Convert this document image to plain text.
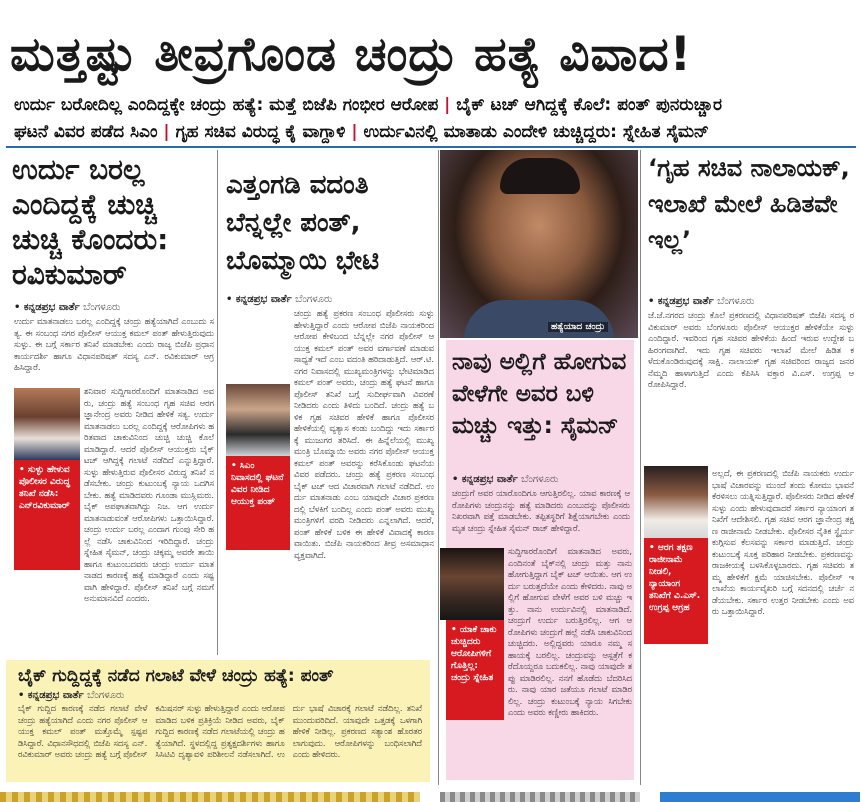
ಮತ್ತಷ್ಟು ತೀವ್ರಗೊಂಡ ಚಂದ್ರು ಹತ್ಯೆ ವಿವಾದ!
ಉರ್ದು ಬರೋದಿಲ್ಲ ಎಂದಿದ್ದಕ್ಕೇ ಚಂದ್ರು ಹತ್ಯೆ: ಮತ್ತೆ ಬಿಜೆಪಿ ಗಂಭೀರ ಆರೋಪ | ಬೈಕ್ ಟಚ್ ಆಗಿದ್ದಕ್ಕೆ ಕೊಲೆ: ಪಂತ್ ಪುನರುಚ್ಚಾರ
ಘಟನೆ ವಿವರ ಪಡೆದ ಸಿಎಂ | ಗೃಹ ಸಚಿವ ವಿರುದ್ಧ ಕೈ ವಾಗ್ದಾಳಿ | ಉರ್ದುವಿನಲ್ಲಿ ಮಾತಾಡು ಎಂದೇಳಿ ಚುಚ್ಚಿದ್ದರು: ಸ್ನೇಹಿತ ಸೈಮನ್
ಉರ್ದು ಬರಲ್ಲ ಎಂದಿದ್ದಕ್ಕೆ ಚುಚ್ಚಿ ಚುಚ್ಚಿ ಕೊಂದರು: ರವಿಕುಮಾರ್
• ಕನ್ನಡಪ್ರಭ ವಾರ್ತೆ ಬೆಂಗಳೂರು
ಉರ್ದು ಮಾತನಾಡಲು ಬರಲ್ಲ ಎಂದಿದ್ದಕ್ಕೆ ಚಂದ್ರು ಹತ್ಯೆಯಾಗಿದೆ ಎಂಬುದು ಸತ್ಯ. ಈ ಸಂಬಂಧ ನಗರ ಪೊಲೀಸ್ ಆಯುಕ್ತ ಕಮಲ್ ಪಂತ್ ಹೇಳುತ್ತಿರುವುದು ಸುಳ್ಳು. ಈ ಬಗ್ಗೆ ಸರ್ಕಾರ ತನಿಖೆ ಮಾಡಬೇಕು ಎಂದು ರಾಜ್ಯ ಬಿಜೆಪಿ ಪ್ರಧಾನ ಕಾರ್ಯದರ್ಶಿ ಹಾಗೂ ವಿಧಾನಪರಿಷತ್ ಸದಸ್ಯ ಎನ್. ರವಿಕುಮಾರ್ ಆಗ್ರಹಿಸಿದ್ದಾರೆ.
• ಸುಳ್ಳು ಹೇಳುವ ಪೊಲೀಸರ ವಿರುದ್ಧ ತನಿಖೆ ನಡೆಸಿ: ಎನ್‌ರವಿಕುಮಾರ್
ಶನಿವಾರ ಸುದ್ದಿಗಾರರೊಂದಿಗೆ ಮಾತನಾಡಿದ ಅವರು, ಚಂದ್ರು ಹತ್ಯೆ ಸಂಬಂಧ ಗೃಹ ಸಚಿವ ಆರಗ ಜ್ಞಾನೇಂದ್ರ ಅವರು ನೀಡಿದ ಹೇಳಿಕೆ ಸತ್ಯ. ಉರ್ದು ಮಾತನಾಡಲು ಬರಲ್ಲ ಎಂದಿದ್ದಕ್ಕೆ ಆರೋಪಿಗಳು ಹರಿತವಾದ ಚಾಕುವಿನಿಂದ ಚುಚ್ಚಿ ಚುಚ್ಚಿ ಕೊಲೆ ಮಾಡಿದ್ದಾರೆ. ಆದರೆ ಪೊಲೀಸ್ ಆಯುಕ್ತರು ಬೈಕ್ ಟಚ್ ಆಗಿದ್ದಕ್ಕೆ ಗಲಾಟೆ ನಡೆದಿದೆ ಎನ್ನುತ್ತಿದ್ದಾರೆ. ಸುಳ್ಳು ಹೇಳುತ್ತಿರುವ ಪೊಲೀಸರ ವಿರುದ್ಧ ತನಿಖೆ ನಡೆಸಬೇಕು. ಚಂದ್ರು ಕುಟುಂಬಕ್ಕೆ ನ್ಯಾಯ ಒದಗಿಸಬೇಕು. ಹತ್ಯೆ ಮಾಡಿದವರು ಗೂಂಡಾ ಮುಸ್ಲಿಮರು. ಬೈಕ್ ಅಪಘಾತವಾಗಿದ್ದು ನಿಜ. ಆಗ ಉರ್ದು ಮಾತನಾಡುವಂತೆ ಆರೋಪಿಗಳು ಒತ್ತಾಯಿಸಿದ್ದಾರೆ. ಚಂದ್ರು ಉರ್ದು ಬರಲ್ಲ ಎಂದಾಗ ಗುಂಪು ಸೇರಿ ಹಲ್ಲೆ ನಡೆಸಿ ಚಾಕುವಿನಿಂದ ಇರಿದಿದ್ದಾರೆ. ಚಂದ್ರು ಸ್ನೇಹಿತ ಸೈಮನ್, ಚಂದ್ರು ಚಿಕ್ಕಮ್ಮ ಅವರೇ ತಾಯಿ ಹಾಗೂ ಕುಟುಂಬದವರು ಚಂದ್ರು ಉರ್ದು ಮಾತನಾಡದ ಕಾರಣಕ್ಕೆ ಹತ್ಯೆ ಮಾಡಿದ್ದಾರೆ ಎಂದು ಸಷ್ಟವಾಗಿ ಹೇಳಿದ್ದಾರೆ. ಪೊಲೀಸ್ ತನಿಖೆ ಬಗ್ಗೆ ನಮಗೆ ಅನುಮಾನವಿದೆ ಎಂದರು.
ಎತ್ತಂಗಡಿ ವದಂತಿ ಬೆನ್ನಲ್ಲೇ ಪಂತ್, ಬೊಮ್ಮಾಯಿ ಭೇಟಿ
• ಕನ್ನಡಪ್ರಭ ವಾರ್ತೆ ಬೆಂಗಳೂರು
• ಸಿಎಂ ನಿವಾಸದಲ್ಲಿ ಘಟನೆ ವಿವರ ನೀಡಿದ ಆಯುಕ್ತ ಪಂತ್
ಚಂದ್ರು ಹತ್ಯೆ ಪ್ರಕರಣ ಸಂಬಂಧ ಪೊಲೀಸರು ಸುಳ್ಳು ಹೇಳುತ್ತಿದ್ದಾರೆ ಎಂದು ಆರೋಪ ಬಿಜೆಪಿ ನಾಯಕರಿಂದ ಆರೋಪ ಕೇಳಿಬಂದ ಬೆನ್ನಲ್ಲೇ ನಗರ ಪೊಲೀಸ್ ಆಯುಕ್ತ ಕಮಲ್ ಪಂತ್ ಅವರ ವರ್ಗಾವಣೆ ಮಾಡುವ ಸಾಧ್ಯತೆ ಇದೆ ಎಂಬ ವದಂತಿ ಹರಿದಾಡುತ್ತಿದೆ. ಆರ್.ಟಿ.ನಗರ ನಿವಾಸದಲ್ಲಿ ಮುಖ್ಯಮಂತ್ರಿಗಳನ್ನು ಭೇಟಿಮಾಡಿದ ಕಮಲ್ ಪಂತ್ ಅವರು, ಚಂದ್ರು ಹತ್ಯೆ ಘಟನೆ ಹಾಗೂ ಪೊಲೀಸ್ ತನಿಖೆ ಬಗ್ಗೆ ಸುದೀರ್ಘವಾಗಿ ವಿವರಣೆ ನೀಡಿದರು ಎಂದು ತಿಳಿದು ಬಂದಿದೆ. ಚಂದ್ರು ಹತ್ಯೆ ಬಳಿಕ ಗೃಹ ಸಚಿವರ ಹೇಳಿಕೆ ಹಾಗೂ ಪೊಲೀಸರ ಹೇಳಿಕೆಯಲ್ಲಿ ವ್ಯತ್ಯಾಸ ಕಂಡು ಬಂದಿದ್ದು ಇದು ಸರ್ಕಾರಕ್ಕೆ ಮುಜುಗರ ತರಿಸಿದೆ. ಈ ಹಿನ್ನೆಲೆಯಲ್ಲಿ ಮುಖ್ಯಮಂತ್ರಿ ಬೊಮ್ಮಾಯಿ ಅವರು ನಗರ ಪೊಲೀಸ್ ಆಯುಕ್ತ ಕಮಲ್ ಪಂತ್ ಅವರನ್ನು ಕರೆಸಿಕೊಂಡು ಘಟನೆಯ ವಿವರ ಪಡೆದರು. ಚಂದ್ರು ಹತ್ಯೆ ಪ್ರಕರಣ ಸಂಬಂಧ ಬೈಕ್ ಟಚ್ ಆದ ವಿಚಾರವಾಗಿ ಗಲಾಟೆ ನಡೆದಿದೆ. ಉರ್ದು ಮಾತನಾಡು ಎಂಬ ಯಾವುದೇ ವಿಚಾರ ಪ್ರಕರಣದಲ್ಲಿ ಬೆಳಕಿಗೆ ಬಂದಿಲ್ಲ ಎಂದು ಪಂತ್ ಅವರು ಮುಖ್ಯಮಂತ್ರಿಗಳಿಗೆ ವರದಿ ನೀಡಿದರು ಎನ್ನಲಾಗಿದೆ. ಆದರೆ, ಪಂತ್ ಹೇಳಿಕೆ ಬಳಿಕ ಈ ಹೇಳಿಕೆ ವಿವಾದಕ್ಕೆ ಕಾರಣವಾಯಿತು. ಬಿಜೆಪಿ ನಾಯಕರಿಂದ ತೀವ್ರ ಅಸಮಾಧಾನ ವ್ಯಕ್ತವಾಗಿದೆ.
ಹತ್ಯೆಯಾದ ಚಂದ್ರು
ನಾವು ಅಲ್ಲಿಗೆ ಹೋಗುವ ವೇಳೆಗೇ ಅವರ ಬಳಿ ಮಚ್ಚು ಇತ್ತು: ಸೈಮನ್
• ಕನ್ನಡಪ್ರಭ ವಾರ್ತೆ ಬೆಂಗಳೂರು
ಚಂದ್ರುಗೆ ಅವರ ಯಾರೊಂದಿಗೂ ಆಗುತ್ತಿರಲಿಲ್ಲ. ಯಾವ ಕಾರಣಕ್ಕೆ ಆರೋಪಿಗಳು ಚಂದ್ರುನನ್ನು ಹತ್ಯೆ ಮಾಡಿದರು ಎಂಬುದನ್ನು ಪೊಲೀಸರು ನಿಖರವಾಗಿ ಪತ್ತೆ ಮಾಡಬೇಕು. ತಪ್ಪಿತಸ್ಥರಿಗೆ ಶಿಕ್ಷೆಯಾಗಬೇಕು ಎಂದು ಮೃತ ಚಂದ್ರು ಸ್ನೇಹಿತ ಸೈಮನ್ ರಾಜ್ ಹೇಳಿದ್ದಾರೆ.
• ಯಾಕೆ ಚಾಕು ಚುಚ್ಚಿದರು ಆರೋಪಿಗಳಿಗೆ ಗೊತ್ತಿಲ್ಲ: ಚಂದ್ರು ಸ್ನೇಹಿತ
ಸುದ್ದಿಗಾರರೊಂದಿಗೆ ಮಾತನಾಡಿದ ಅವರು, ಎಂದಿನಂತೆ ಬೈಕ್‌ನಲ್ಲಿ ಚಂದ್ರು ಮತ್ತು ನಾನು ಹೋಗುತ್ತಿದ್ದಾಗ ಬೈಕ್ ಟಚ್ ಆಯಿತು. ಆಗ ಉರ್ದು ಬರುತ್ತದೆಯೇ ಎಂದು ಕೇಳಿದರು. ನಾವು ಅಲ್ಲಿಗೆ ಹೋಗುವ ವೇಳೆಗೆ ಅವರ ಬಳಿ ಮಚ್ಚು ಇತ್ತು. ನಾನು ಉರ್ದುವಿನಲ್ಲಿ ಮಾತನಾಡಿದೆ. ಚಂದ್ರುಗೆ ಉರ್ದು ಬರುತ್ತಿರಲಿಲ್ಲ. ಆಗ ಆರೋಪಿಗಳು ಚಂದ್ರುಗೆ ಹಲ್ಲೆ ನಡೆಸಿ ಚಾಕುವಿನಿಂದ ಚುಚ್ಚಿದರು. ಅಲ್ಲಿದ್ದವರು ಯಾರೂ ನಮ್ಮ ಸಹಾಯಕ್ಕೆ ಬರಲಿಲ್ಲ. ಚಂದ್ರುವನ್ನು ಆಸ್ಪತ್ರೆಗೆ ಕರೆದೊಯ್ದರೂ ಬದುಕಲಿಲ್ಲ. ನಾವು ಯಾವುದೇ ತಪ್ಪು ಮಾಡಿರಲಿಲ್ಲ. ನನಗೆ ಹೊಡೆದು ಬೆದರಿಸಿದರು. ನಾವು ಯಾರ ಜತೆಯೂ ಗಲಾಟೆ ಮಾಡಿರಲಿಲ್ಲ. ಚಂದ್ರು ಕುಟುಂಬಕ್ಕೆ ನ್ಯಾಯ ಸಿಗಬೇಕು ಎಂದು ಅವರು ಕಣ್ಣೀರು ಹಾಕಿದರು.
‘ಗೃಹ ಸಚಿವ ನಾಲಾಯಕ್, ಇಲಾಖೆ ಮೇಲೆ ಹಿಡಿತವೇ ಇಲ್ಲ’
• ಕನ್ನಡಪ್ರಭ ವಾರ್ತೆ ಬೆಂಗಳೂರು
ಜೆ.ಜೆ.ನಗರದ ಚಂದ್ರು ಕೊಲೆ ಪ್ರಕರಣದಲ್ಲಿ ವಿಧಾನಪರಿಷತ್ ಬಿಜೆಪಿ ಸದಸ್ಯ ರವಿಕುಮಾರ್ ಅವರು ಬೆಂಗಳೂರು ಪೊಲೀಸ್ ಆಯುಕ್ತರ ಹೇಳಿಕೆಯೇ ಸುಳ್ಳು ಎಂದಿದ್ದಾರೆ. ಇವರಿಂದ ಗೃಹ ಸಚಿವರ ಹೇಳಿಕೆಯ ಹಿಂದೆ ಇರುವ ಉದ್ದೇಶ ಬಹಿರಂಗವಾಗಿದೆ. ಇದು ಗೃಹ ಸಚಿವರು ಇಲಾಖೆ ಮೇಲೆ ಹಿಡಿತ ಕಳೆದುಕೊಂಡಿರುವುದಕ್ಕೆ ಸಾಕ್ಷಿ. ನಾಲಾಯಕ್ ಗೃಹ ಸಚಿವರಿಂದ ರಾಜ್ಯದ ಜನರ ನೆಮ್ಮದಿ ಹಾಳಾಗುತ್ತಿದೆ ಎಂದು ಕೆಪಿಸಿಸಿ ವಕ್ತಾರ ವಿ.ಎಸ್. ಉಗ್ರಪ್ಪ ಆರೋಪಿಸಿದ್ದಾರೆ.
• ಆರಗ ತಕ್ಷಣ ರಾಜೀನಾಮೆ ನೀಡಲಿ, ನ್ಯಾಯಾಂಗ ತನಿಖೆಗೆ ವಿ.ಎಸ್. ಉಗ್ರಪ್ಪ ಆಗ್ರಹ
ಅಲ್ಲದೆ, ಈ ಪ್ರಕರಣದಲ್ಲಿ ಬಿಜೆಪಿ ನಾಯಕರು ಉರ್ದು ಭಾಷೆ ವಿಚಾರವನ್ನು ಮುಂದೆ ತಂದು ಕೋಮು ಭಾವನೆ ಕೆರಳಿಸಲು ಯತ್ನಿಸುತ್ತಿದ್ದಾರೆ. ಪೊಲೀಸರು ನೀಡಿದ ಹೇಳಿಕೆ ಸುಳ್ಳು ಎಂದು ಹೇಳುವುದಾದರೆ ಸರ್ಕಾರ ನ್ಯಾಯಾಂಗ ತನಿಖೆಗೆ ಆದೇಶಿಸಲಿ. ಗೃಹ ಸಚಿವ ಆರಗ ಜ್ಞಾನೇಂದ್ರ ತಕ್ಷಣ ರಾಜೀನಾಮೆ ನೀಡಬೇಕು. ಪೊಲೀಸರ ನೈತಿಕ ಸ್ಥೈರ್ಯ ಕುಗ್ಗಿಸುವ ಕೆಲಸವನ್ನು ಸರ್ಕಾರ ಮಾಡುತ್ತಿದೆ. ಚಂದ್ರು ಕುಟುಂಬಕ್ಕೆ ಸೂಕ್ತ ಪರಿಹಾರ ನೀಡಬೇಕು. ಪ್ರಕರಣವನ್ನು ರಾಜಕೀಯಕ್ಕೆ ಬಳಸಿಕೊಳ್ಳಬಾರದು. ಗೃಹ ಸಚಿವರು ತಮ್ಮ ಹೇಳಿಕೆಗೆ ಕ್ಷಮೆ ಯಾಚಿಸಬೇಕು. ಪೊಲೀಸ್ ಇಲಾಖೆಯ ಕಾರ್ಯವೈಖರಿ ಬಗ್ಗೆ ಸದನದಲ್ಲಿ ಚರ್ಚೆ ನಡೆಯಬೇಕು. ಸರ್ಕಾರ ಉತ್ತರ ನೀಡಬೇಕು ಎಂದು ಅವರು ಒತ್ತಾಯಿಸಿದ್ದಾರೆ.
ಬೈಕ್ ಗುದ್ದಿದ್ದಕ್ಕೆ ನಡೆದ ಗಲಾಟೆ ವೇಳೆ ಚಂದ್ರು ಹತ್ಯೆ: ಪಂತ್
• ಕನ್ನಡಪ್ರಭ ವಾರ್ತೆ ಬೆಂಗಳೂರು
ಬೈಕ್ ಗುದ್ದಿದ ಕಾರಣಕ್ಕೆ ನಡೆದ ಗಲಾಟೆ ವೇಳೆ ಚಂದ್ರು ಹತ್ಯೆಯಾಗಿದೆ ಎಂದು ನಗರ ಪೊಲೀಸ್ ಆಯುಕ್ತ ಕಮಲ್ ಪಂತ್ ಮತ್ತೊಮ್ಮೆ ಸ್ಪಷ್ಟಪಡಿಸಿದ್ದಾರೆ. ವಿಧಾನಸೌಧದಲ್ಲಿ ಬಿಜೆಪಿ ಸದಸ್ಯ ಎನ್. ರವಿಕುಮಾರ್ ಅವರು ಚಂದ್ರು ಹತ್ಯೆ ಬಗ್ಗೆ ಪೊಲೀಸ್ ಕಮಿಷನರ್ ಸುಳ್ಳು ಹೇಳುತ್ತಿದ್ದಾರೆ ಎಂದು ಆರೋಪ ಮಾಡಿದ ಬಳಿಕ ಪ್ರತಿಕ್ರಿಯೆ ನೀಡಿದ ಅವರು, ಬೈಕ್ ಗುದ್ದಿದ ಕಾರಣಕ್ಕೆ ನಡೆದ ಗಲಾಟೆಯಲ್ಲಿ ಚಂದ್ರು ಹತ್ಯೆಯಾಗಿದೆ. ಸ್ಥಳದಲ್ಲಿದ್ದ ಪ್ರತ್ಯಕ್ಷದರ್ಶಿಗಳು ಹಾಗೂ ಸಿಸಿಟಿವಿ ದೃಶ್ಯಾವಳಿ ಪರಿಶೀಲನೆ ನಡೆಸಲಾಗಿದೆ. ಉರ್ದು ಭಾಷೆ ವಿಚಾರಕ್ಕೆ ಗಲಾಟೆ ನಡೆದಿಲ್ಲ. ತನಿಖೆ ಮುಂದುವರಿದಿದೆ. ಯಾವುದೇ ಒತ್ತಡಕ್ಕೆ ಒಳಗಾಗಿ ಹೇಳಿಕೆ ನೀಡಿಲ್ಲ. ಪ್ರಕರಣದ ಸತ್ಯಾಂಶ ಹೊರತರಲಾಗುವುದು. ಆರೋಪಿಗಳನ್ನು ಬಂಧಿಸಲಾಗಿದೆ ಎಂದು ಹೇಳಿದರು.
